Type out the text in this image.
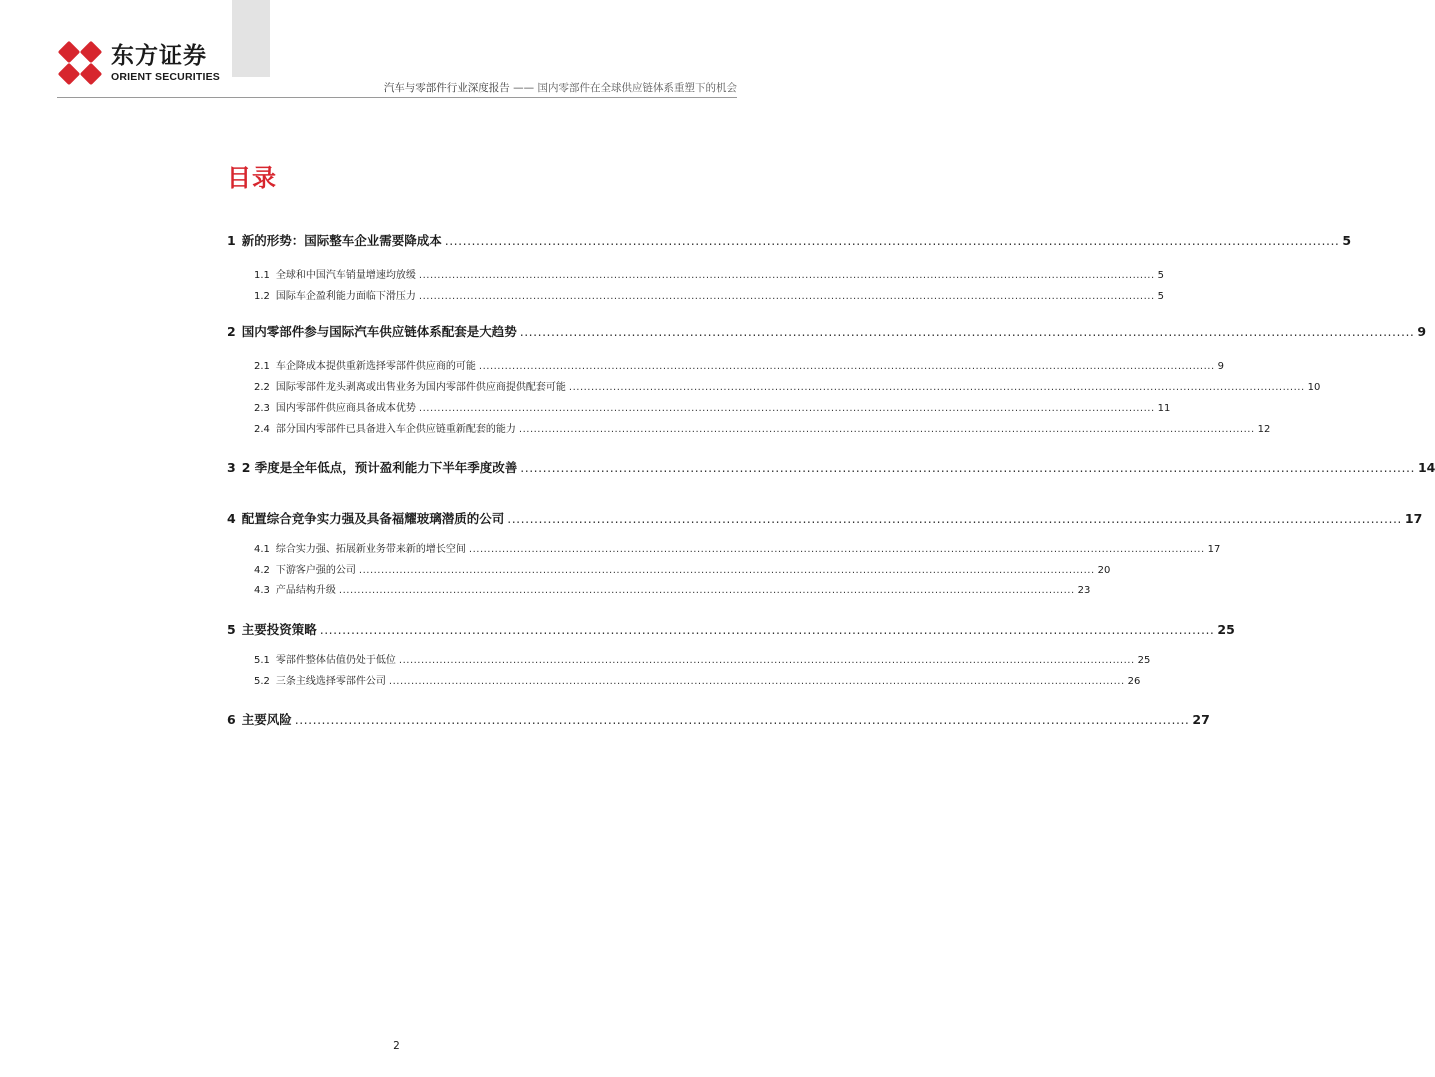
东方证券
ORIENT SECURITIES
汽车与零部件行业深度报告 —— 国内零部件在全球供应链体系重塑下的机会
目录
1 新的形势：国际整车企业需要降成本 ........................................................................................................................................................................................................ 5
1.1 全球和中国汽车销量增速均放缓 ........................................................................................................................................................................................................ 5
1.2 国际车企盈利能力面临下滑压力 ........................................................................................................................................................................................................ 5
2 国内零部件参与国际汽车供应链体系配套是大趋势 ........................................................................................................................................................................................................ 9
2.1 车企降成本提供重新选择零部件供应商的可能 ........................................................................................................................................................................................................ 9
2.2 国际零部件龙头剥离或出售业务为国内零部件供应商提供配套可能 ........................................................................................................................................................................................................ 10
2.3 国内零部件供应商具备成本优势 ........................................................................................................................................................................................................ 11
2.4 部分国内零部件已具备进入车企供应链重新配套的能力 ........................................................................................................................................................................................................ 12
3 2 季度是全年低点，预计盈利能力下半年季度改善 ........................................................................................................................................................................................................ 14
4 配置综合竞争实力强及具备福耀玻璃潜质的公司 ........................................................................................................................................................................................................ 17
4.1 综合实力强、拓展新业务带来新的增长空间 ........................................................................................................................................................................................................ 17
4.2 下游客户强的公司 ........................................................................................................................................................................................................ 20
4.3 产品结构升级 ........................................................................................................................................................................................................ 23
5 主要投资策略 ........................................................................................................................................................................................................ 25
5.1 零部件整体估值仍处于低位 ........................................................................................................................................................................................................ 25
5.2 三条主线选择零部件公司 ........................................................................................................................................................................................................ 26
6 主要风险 ........................................................................................................................................................................................................ 27
2
